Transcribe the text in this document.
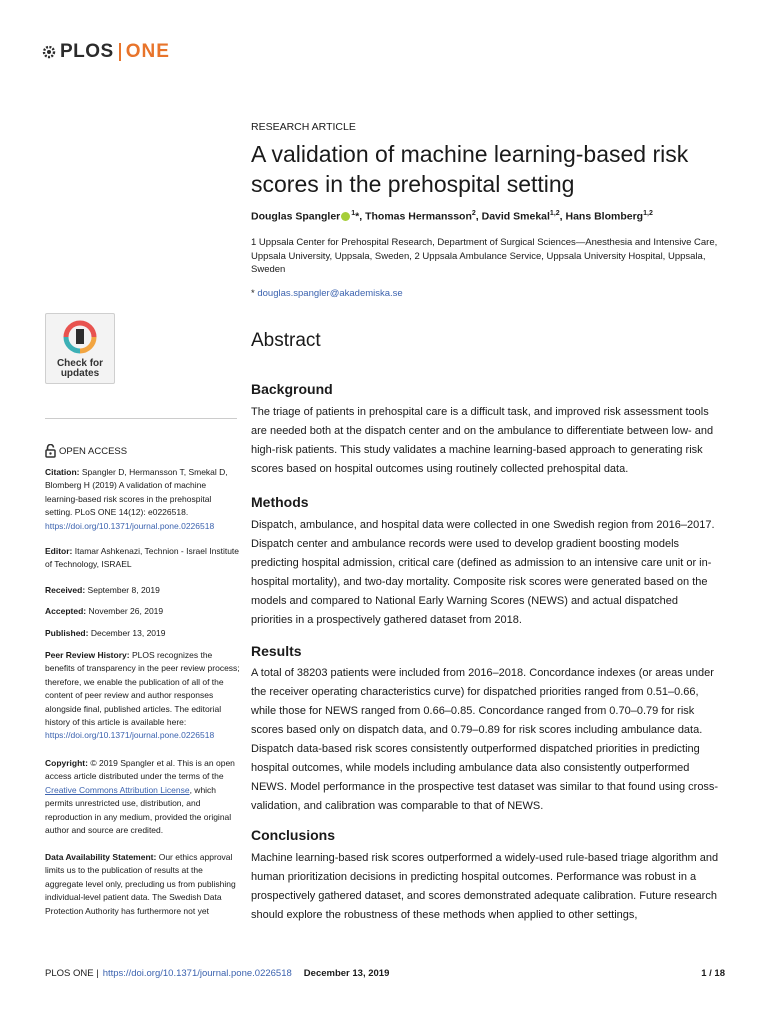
PLOS ONE
RESEARCH ARTICLE
A validation of machine learning-based risk scores in the prehospital setting
Douglas Spangler $^1$*, Thomas Hermansson$^2$, David Smekal$^{1,2}$, Hans Blomberg$^{1,2}$
1 Uppsala Center for Prehospital Research, Department of Surgical Sciences—Anesthesia and Intensive Care, Uppsala University, Uppsala, Sweden, 2 Uppsala Ambulance Service, Uppsala University Hospital, Uppsala, Sweden
* douglas.spangler@akademiska.se
Check for
updates
OPEN ACCESS
Citation: Spangler D, Hermansson T, Smekal D, Blomberg H (2019) A validation of machine learning-based risk scores in the prehospital setting. PLoS ONE 14(12): e0226518. https://doi.org/10.1371/journal.pone.0226518
Editor: Itamar Ashkenazi, Technion - Israel Institute of Technology, ISRAEL
Received: September 8, 2019
Accepted: November 26, 2019
Published: December 13, 2019
Peer Review History: PLOS recognizes the benefits of transparency in the peer review process; therefore, we enable the publication of all of the content of peer review and author responses alongside final, published articles. The editorial history of this article is available here: https://doi.org/10.1371/journal.pone.0226518
Copyright: © 2019 Spangler et al. This is an open access article distributed under the terms of the Creative Commons Attribution License, which permits unrestricted use, distribution, and reproduction in any medium, provided the original author and source are credited.
Data Availability Statement: Our ethics approval limits us to the publication of results at the aggregate level only, precluding us from publishing individual-level patient data. The Swedish Data Protection Authority has furthermore not yet
Abstract
Background
The triage of patients in prehospital care is a difficult task, and improved risk assessment tools are needed both at the dispatch center and on the ambulance to differentiate between low- and high-risk patients. This study validates a machine learning-based approach to generating risk scores based on hospital outcomes using routinely collected prehospital data.
Methods
Dispatch, ambulance, and hospital data were collected in one Swedish region from 2016–2017. Dispatch center and ambulance records were used to develop gradient boosting models predicting hospital admission, critical care (defined as admission to an intensive care unit or in-hospital mortality), and two-day mortality. Composite risk scores were generated based on the models and compared to National Early Warning Scores (NEWS) and actual dispatched priorities in a prospectively gathered dataset from 2018.
Results
A total of 38203 patients were included from 2016–2018. Concordance indexes (or areas under the receiver operating characteristics curve) for dispatched priorities ranged from 0.51–0.66, while those for NEWS ranged from 0.66–0.85. Concordance ranged from 0.70–0.79 for risk scores based only on dispatch data, and 0.79–0.89 for risk scores including ambulance data. Dispatch data-based risk scores consistently outperformed dispatched priorities in predicting hospital outcomes, while models including ambulance data also consistently outperformed NEWS. Model performance in the prospective test dataset was similar to that found using cross-validation, and calibration was comparable to that of NEWS.
Conclusions
Machine learning-based risk scores outperformed a widely-used rule-based triage algorithm and human prioritization decisions in predicting hospital outcomes. Performance was robust in a prospectively gathered dataset, and scores demonstrated adequate calibration. Future research should explore the robustness of these methods when applied to other settings,
PLOS ONE | https://doi.org/10.1371/journal.pone.0226518 December 13, 2019	1 / 18
